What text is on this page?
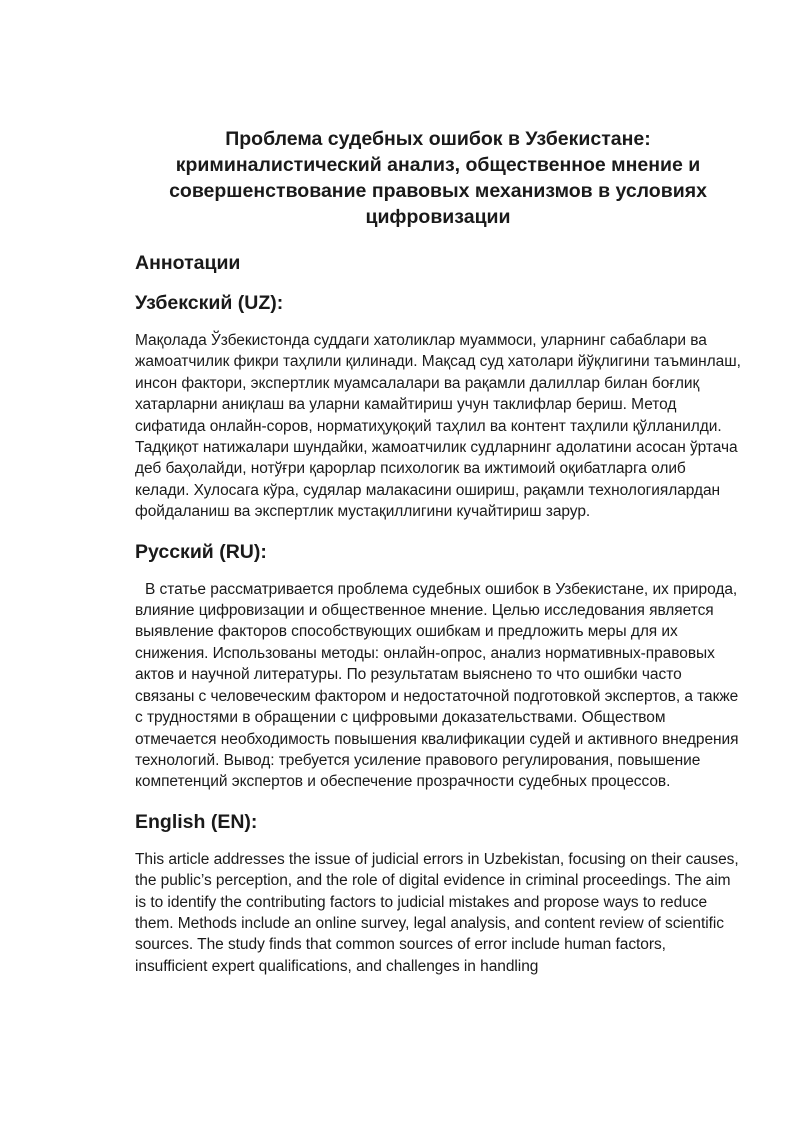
Проблема судебных ошибок в Узбекистане: криминалистический анализ, общественное мнение и совершенствование правовых механизмов в условиях цифровизации
Аннотации
Узбекский (UZ):

Мақолада Ўзбекистонда суддаги хатоликлар муаммоси, уларнинг сабаблари ва жамоатчилик фикри таҳлили қилинади. Мақсад суд хатолари йўқлигини таъминлаш, инсон фактори, экспертлик муамсалалари ва рақамли далиллар билан боғлиқ хатарларни аниқлаш ва уларни камайтириш учун таклифлар бериш. Метод сифатида онлайн-сорoв, норматиҳуқоқий таҳлил ва контент таҳлили қўлланилди. Тадқиқот натижалари шундайки, жамоатчилик судларнинг адолатини асосан ўртача деб баҳолайди, нотўғри қарорлар психологик ва ижтимоий оқибатларга олиб келади. Хулосага кўра, судялар малакасини ошириш, рақамли технологиялардан фойдаланиш ва экспертлик мустақиллигини кучайтириш зарур.

Русский (RU):

В статье рассматривается проблема судебных ошибок в Узбекистане, их природа, влияние цифровизации и общественное мнение. Целью исследования является выявление факторов способствующих ошибкам и предложить меры для их снижения. Использованы методы: онлайн-опрос, анализ нормативных-правовых актов и научной литературы. По результатам выяснено то что ошибки часто связаны с человеческим фактором и недостаточной подготовкой экспертов, а также с трудностями в обращении с цифровыми доказательствами. Обществом отмечается необходимость повышения квалификации судей и активного внедрения технологий. Вывод: требуется усиление правового регулирования, повышение компетенций экспертов и обеспечение прозрачности судебных процессов.

English (EN):

This article addresses the issue of judicial errors in Uzbekistan, focusing on their causes, the public’s perception, and the role of digital evidence in criminal proceedings. The aim is to identify the contributing factors to judicial mistakes and propose ways to reduce them. Methods include an online survey, legal analysis, and content review of scientific sources. The study finds that common sources of error include human factors, insufficient expert qualifications, and challenges in handling
